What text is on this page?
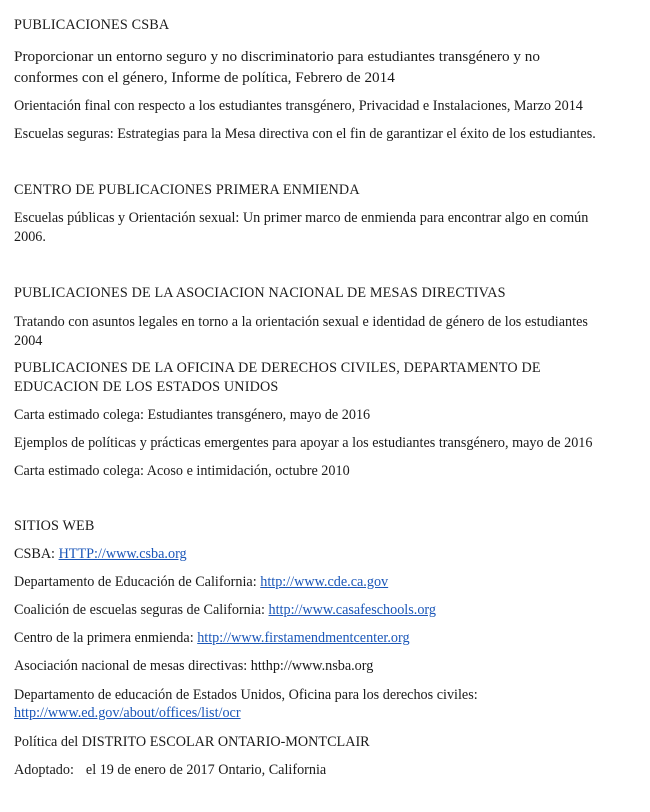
PUBLICACIONES CSBA
Proporcionar un entorno seguro y no discriminatorio para estudiantes transgénero y no
conformes con el género, Informe de política, Febrero de 2014
Orientación final con respecto a los estudiantes transgénero, Privacidad e Instalaciones, Marzo 2014
Escuelas seguras: Estrategias para la Mesa directiva con el fin de garantizar el éxito de los estudiantes.
CENTRO DE PUBLICACIONES PRIMERA ENMIENDA
Escuelas públicas y Orientación sexual: Un primer marco de enmienda para encontrar algo en común
2006.
PUBLICACIONES DE LA ASOCIACION NACIONAL DE MESAS DIRECTIVAS
Tratando con asuntos legales en torno a la orientación sexual e identidad de género de los estudiantes
2004
PUBLICACIONES DE LA OFICINA DE DERECHOS CIVILES, DEPARTAMENTO DE
EDUCACION DE LOS ESTADOS UNIDOS
Carta estimado colega: Estudiantes transgénero, mayo de 2016
Ejemplos de políticas y prácticas emergentes para apoyar a los estudiantes transgénero, mayo de 2016
Carta estimado colega: Acoso e intimidación, octubre 2010
SITIOS WEB
CSBA: HTTP://www.csba.org
Departamento de Educación de California: http://www.cde.ca.gov
Coalición de escuelas seguras de California: http://www.casafeschools.org
Centro de la primera enmienda: http://www.firstamendmentcenter.org
Asociación nacional de mesas directivas: htthp://www.nsba.org
Departamento de educación de Estados Unidos, Oficina para los derechos civiles:
http://www.ed.gov/about/offices/list/ocr
Política del DISTRITO ESCOLAR ONTARIO-MONTCLAIR
Adoptado: el 19 de enero de 2017 Ontario, California
